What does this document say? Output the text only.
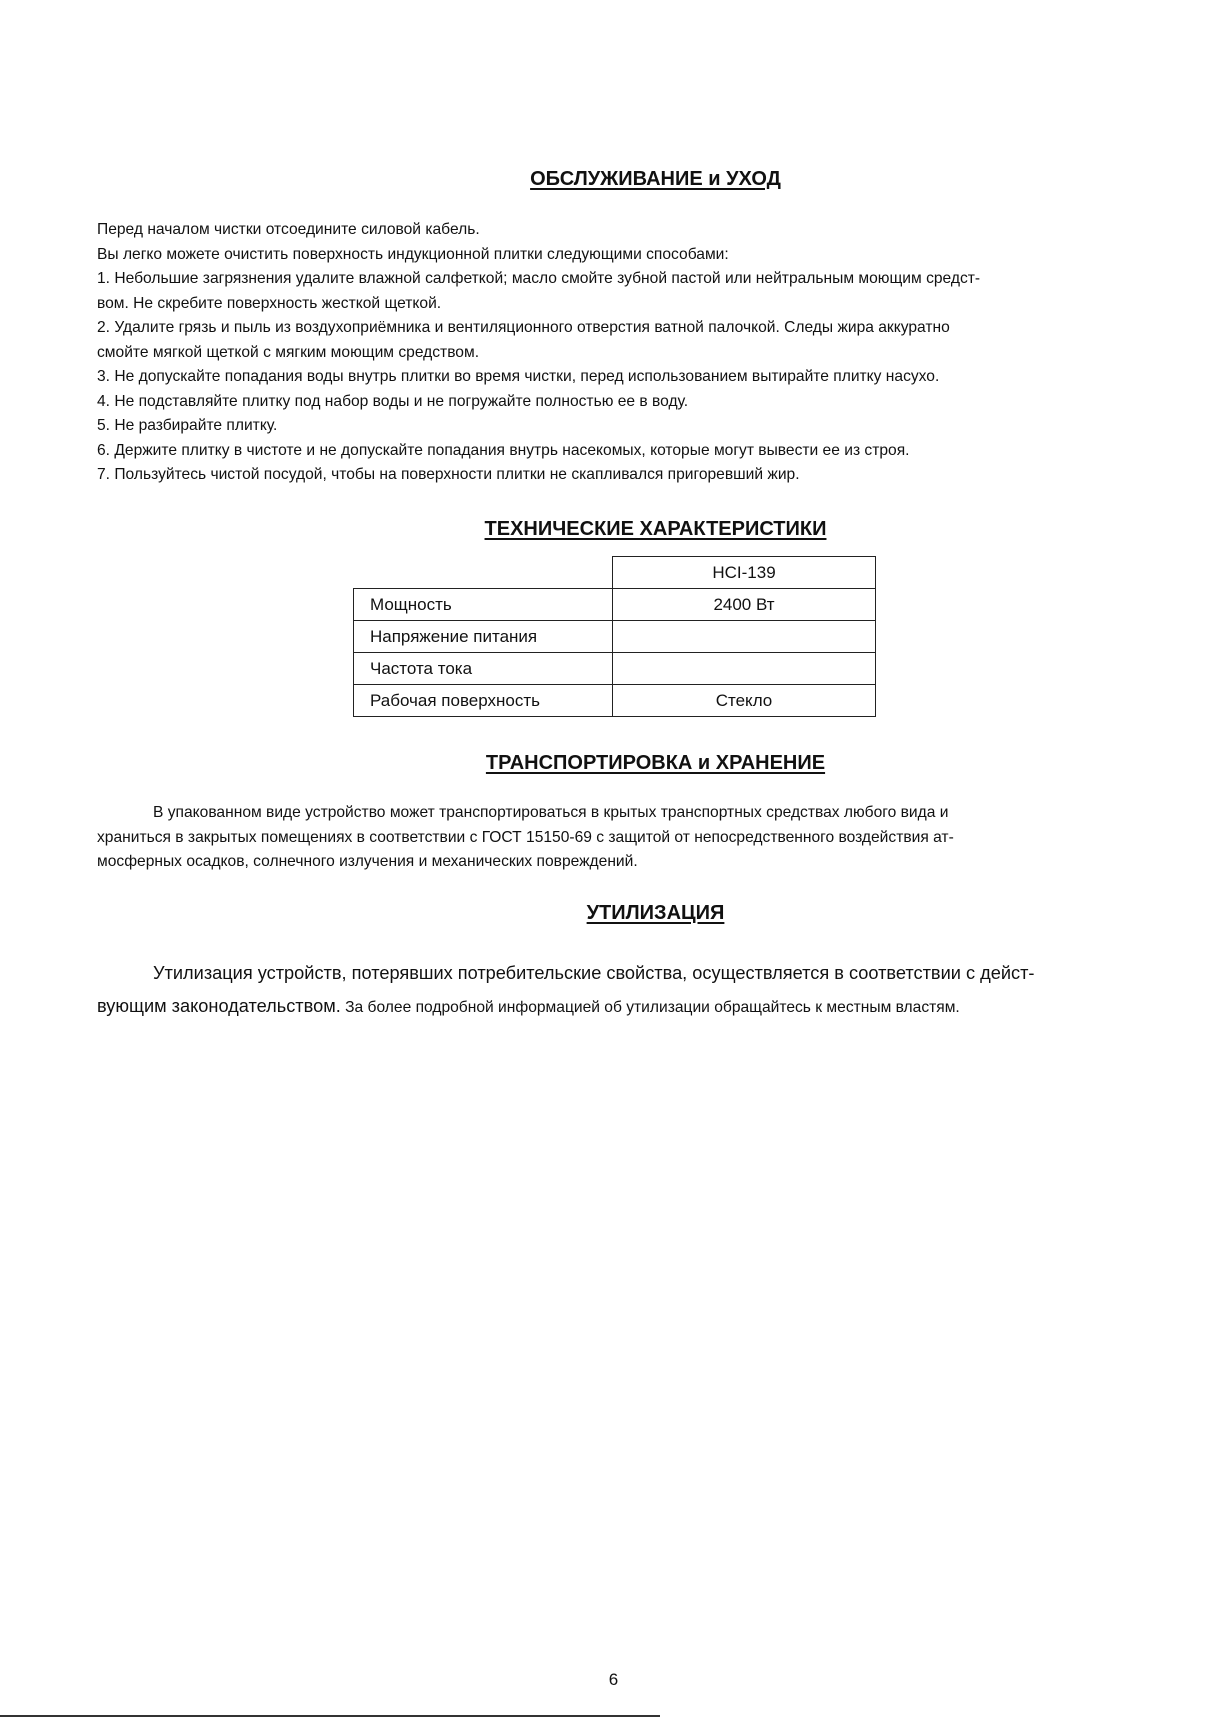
ОБСЛУЖИВАНИЕ и УХОД
Перед началом чистки отсоедините силовой кабель.
Вы легко можете очистить поверхность индукционной плитки следующими способами:
1. Небольшие загрязнения удалите влажной салфеткой; масло смойте зубной пастой или нейтральным моющим средст-
вом. Не скребите поверхность жесткой щеткой.
2. Удалите грязь и пыль из воздухоприёмника и вентиляционного отверстия ватной палочкой. Следы жира аккуратно
смойте мягкой щеткой с мягким моющим средством.
3. Не допускайте попадания воды внутрь плитки во время чистки, перед использованием вытирайте плитку насухо.
4. Не подставляйте плитку под набор воды и не погружайте полностью ее в воду.
5. Не разбирайте плитку.
6. Держите плитку в чистоте и не допускайте попадания внутрь насекомых, которые могут вывести ее из строя.
7. Пользуйтесь чистой посудой, чтобы на поверхности плитки не скапливался пригоревший жир.
ТЕХНИЧЕСКИЕ ХАРАКТЕРИСТИКИ
	HCI-139
Мощность	2400 Вт
Напряжение питания	
Частота тока	
Рабочая поверхность	Стекло
ТРАНСПОРТИРОВКА и ХРАНЕНИЕ
В упакованном виде устройство может транспортироваться в крытых транспортных средствах любого вида и
храниться в закрытых помещениях в соответствии с ГОСТ 15150-69 с защитой от непосредственного воздействия ат-
мосферных осадков, солнечного излучения и механических повреждений.
УТИЛИЗАЦИЯ
Утилизация устройств, потерявших потребительские свойства, осуществляется в соответствии с дейст-
вующим законодательством. За более подробной информацией об утилизации обращайтесь к местным властям.
6
